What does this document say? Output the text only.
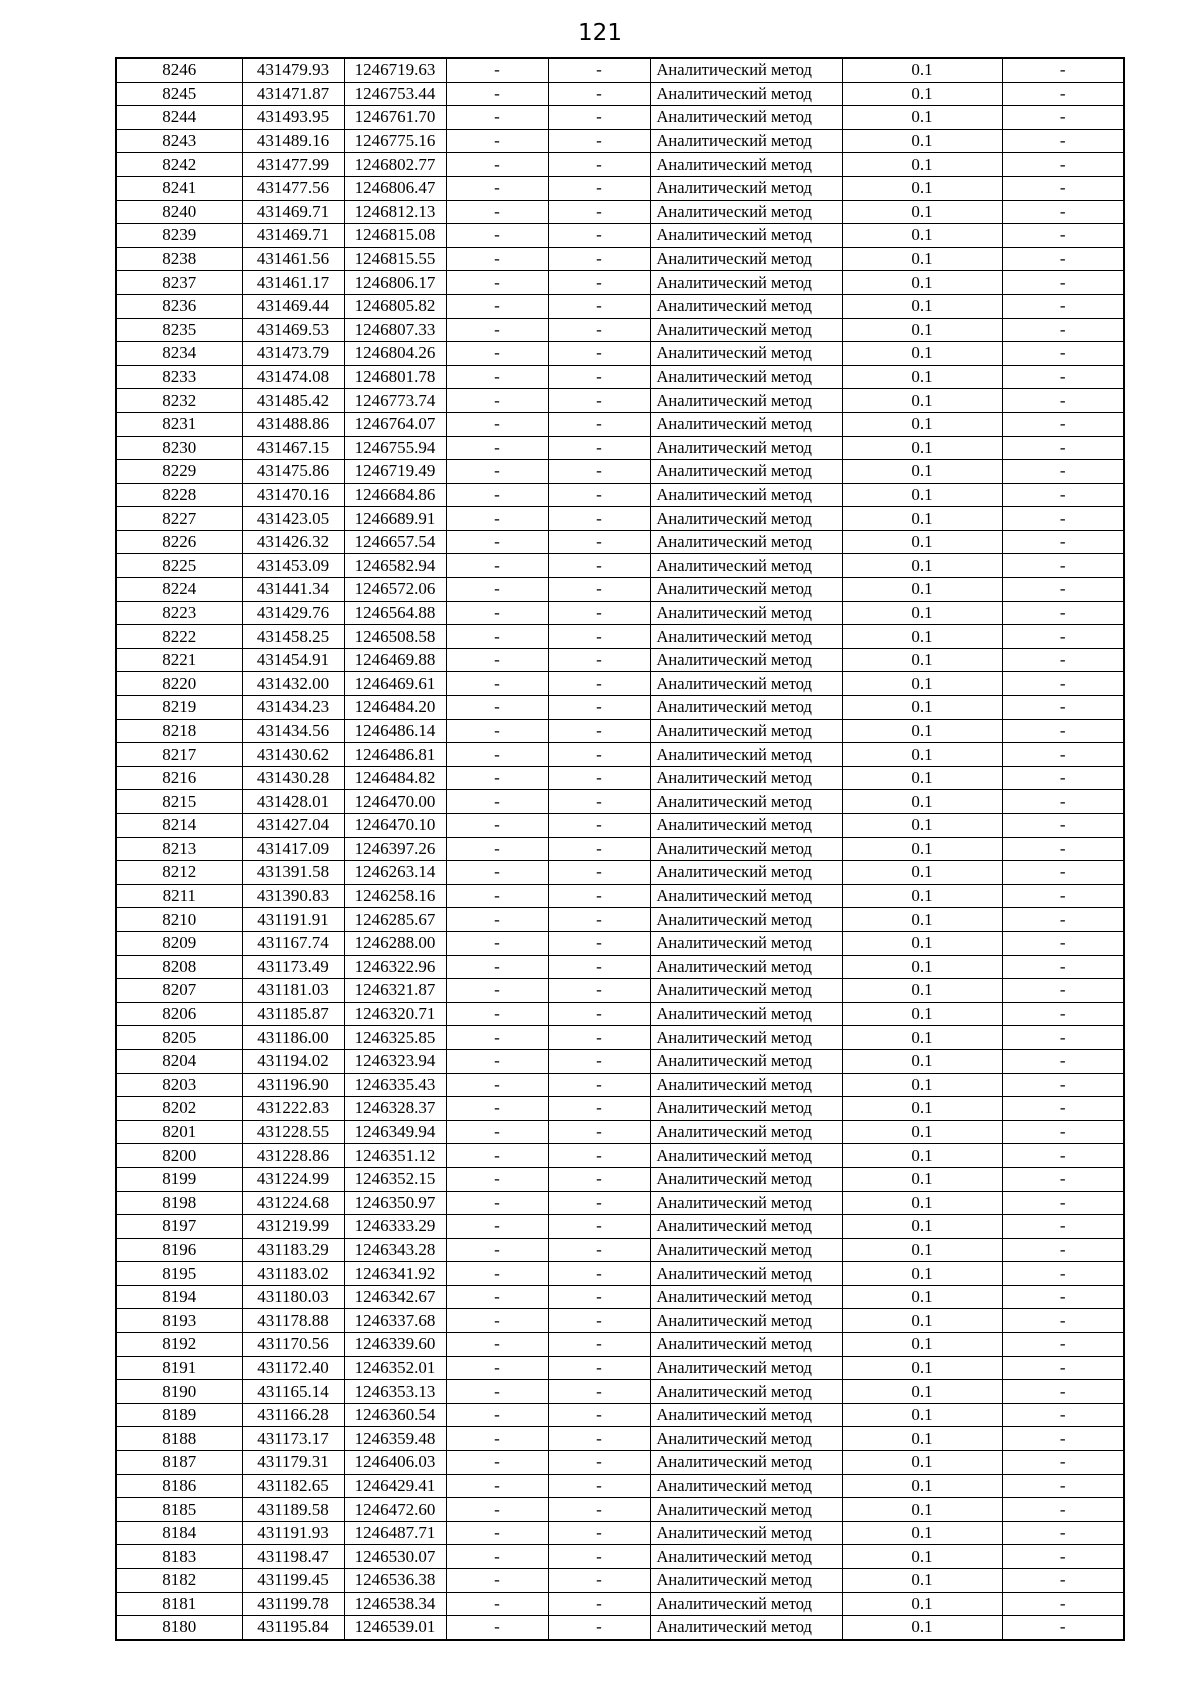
121
8246	431479.93	1246719.63	-	-	Аналитический метод	0.1	-
8245	431471.87	1246753.44	-	-	Аналитический метод	0.1	-
8244	431493.95	1246761.70	-	-	Аналитический метод	0.1	-
8243	431489.16	1246775.16	-	-	Аналитический метод	0.1	-
8242	431477.99	1246802.77	-	-	Аналитический метод	0.1	-
8241	431477.56	1246806.47	-	-	Аналитический метод	0.1	-
8240	431469.71	1246812.13	-	-	Аналитический метод	0.1	-
8239	431469.71	1246815.08	-	-	Аналитический метод	0.1	-
8238	431461.56	1246815.55	-	-	Аналитический метод	0.1	-
8237	431461.17	1246806.17	-	-	Аналитический метод	0.1	-
8236	431469.44	1246805.82	-	-	Аналитический метод	0.1	-
8235	431469.53	1246807.33	-	-	Аналитический метод	0.1	-
8234	431473.79	1246804.26	-	-	Аналитический метод	0.1	-
8233	431474.08	1246801.78	-	-	Аналитический метод	0.1	-
8232	431485.42	1246773.74	-	-	Аналитический метод	0.1	-
8231	431488.86	1246764.07	-	-	Аналитический метод	0.1	-
8230	431467.15	1246755.94	-	-	Аналитический метод	0.1	-
8229	431475.86	1246719.49	-	-	Аналитический метод	0.1	-
8228	431470.16	1246684.86	-	-	Аналитический метод	0.1	-
8227	431423.05	1246689.91	-	-	Аналитический метод	0.1	-
8226	431426.32	1246657.54	-	-	Аналитический метод	0.1	-
8225	431453.09	1246582.94	-	-	Аналитический метод	0.1	-
8224	431441.34	1246572.06	-	-	Аналитический метод	0.1	-
8223	431429.76	1246564.88	-	-	Аналитический метод	0.1	-
8222	431458.25	1246508.58	-	-	Аналитический метод	0.1	-
8221	431454.91	1246469.88	-	-	Аналитический метод	0.1	-
8220	431432.00	1246469.61	-	-	Аналитический метод	0.1	-
8219	431434.23	1246484.20	-	-	Аналитический метод	0.1	-
8218	431434.56	1246486.14	-	-	Аналитический метод	0.1	-
8217	431430.62	1246486.81	-	-	Аналитический метод	0.1	-
8216	431430.28	1246484.82	-	-	Аналитический метод	0.1	-
8215	431428.01	1246470.00	-	-	Аналитический метод	0.1	-
8214	431427.04	1246470.10	-	-	Аналитический метод	0.1	-
8213	431417.09	1246397.26	-	-	Аналитический метод	0.1	-
8212	431391.58	1246263.14	-	-	Аналитический метод	0.1	-
8211	431390.83	1246258.16	-	-	Аналитический метод	0.1	-
8210	431191.91	1246285.67	-	-	Аналитический метод	0.1	-
8209	431167.74	1246288.00	-	-	Аналитический метод	0.1	-
8208	431173.49	1246322.96	-	-	Аналитический метод	0.1	-
8207	431181.03	1246321.87	-	-	Аналитический метод	0.1	-
8206	431185.87	1246320.71	-	-	Аналитический метод	0.1	-
8205	431186.00	1246325.85	-	-	Аналитический метод	0.1	-
8204	431194.02	1246323.94	-	-	Аналитический метод	0.1	-
8203	431196.90	1246335.43	-	-	Аналитический метод	0.1	-
8202	431222.83	1246328.37	-	-	Аналитический метод	0.1	-
8201	431228.55	1246349.94	-	-	Аналитический метод	0.1	-
8200	431228.86	1246351.12	-	-	Аналитический метод	0.1	-
8199	431224.99	1246352.15	-	-	Аналитический метод	0.1	-
8198	431224.68	1246350.97	-	-	Аналитический метод	0.1	-
8197	431219.99	1246333.29	-	-	Аналитический метод	0.1	-
8196	431183.29	1246343.28	-	-	Аналитический метод	0.1	-
8195	431183.02	1246341.92	-	-	Аналитический метод	0.1	-
8194	431180.03	1246342.67	-	-	Аналитический метод	0.1	-
8193	431178.88	1246337.68	-	-	Аналитический метод	0.1	-
8192	431170.56	1246339.60	-	-	Аналитический метод	0.1	-
8191	431172.40	1246352.01	-	-	Аналитический метод	0.1	-
8190	431165.14	1246353.13	-	-	Аналитический метод	0.1	-
8189	431166.28	1246360.54	-	-	Аналитический метод	0.1	-
8188	431173.17	1246359.48	-	-	Аналитический метод	0.1	-
8187	431179.31	1246406.03	-	-	Аналитический метод	0.1	-
8186	431182.65	1246429.41	-	-	Аналитический метод	0.1	-
8185	431189.58	1246472.60	-	-	Аналитический метод	0.1	-
8184	431191.93	1246487.71	-	-	Аналитический метод	0.1	-
8183	431198.47	1246530.07	-	-	Аналитический метод	0.1	-
8182	431199.45	1246536.38	-	-	Аналитический метод	0.1	-
8181	431199.78	1246538.34	-	-	Аналитический метод	0.1	-
8180	431195.84	1246539.01	-	-	Аналитический метод	0.1	-
